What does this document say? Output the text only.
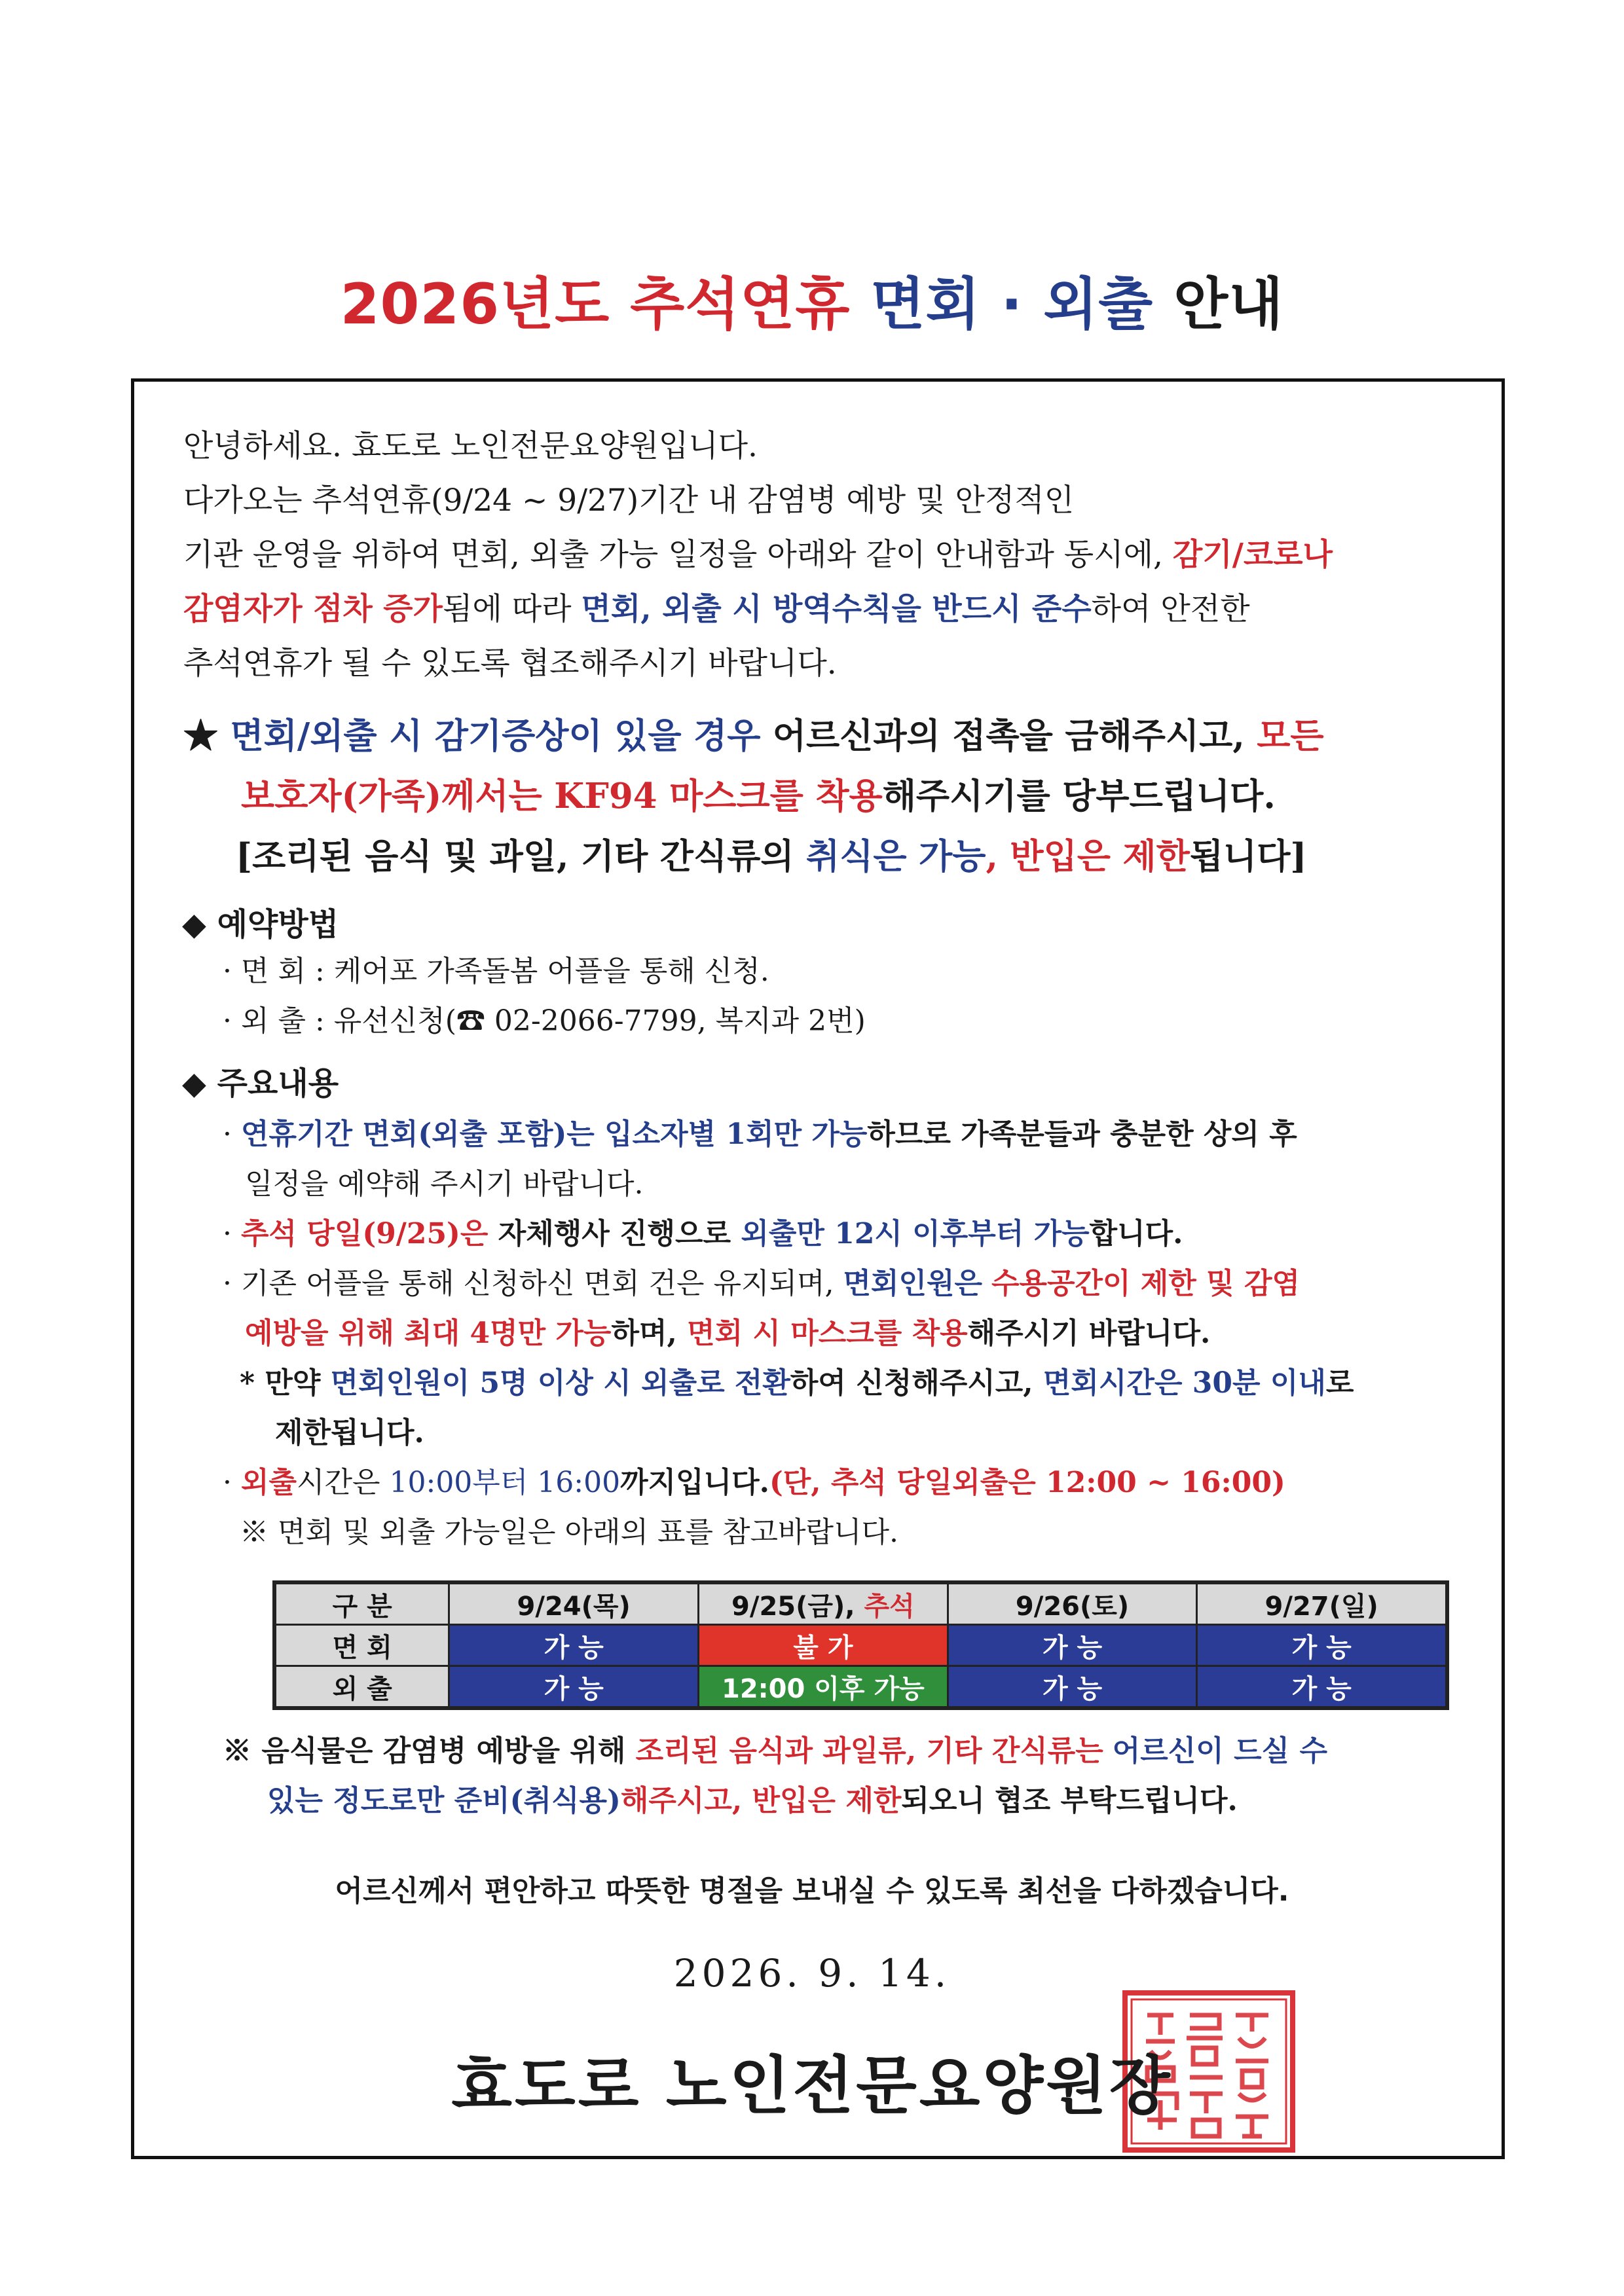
2026년도 추석연휴 면회 · 외출 안내

안녕하세요. 효도로 노인전문요양원입니다.

다가오는 추석연휴(9/24 ~ 9/27)기간 내 감염병 예방 및 안정적인

기관 운영을 위하여 면회, 외출 가능 일정을 아래와 같이 안내함과 동시에, 감기/코로나

감염자가 점차 증가됨에 따라 면회, 외출 시 방역수칙을 반드시 준수하여 안전한

추석연휴가 될 수 있도록 협조해주시기 바랍니다.

★ 면회/외출 시 감기증상이 있을 경우 어르신과의 접촉을 금해주시고, 모든

보호자(가족)께서는 KF94 마스크를 착용해주시기를 당부드립니다.

[조리된 음식 및 과일, 기타 간식류의 취식은 가능, 반입은 제한됩니다]

◆ 예약방법

· 면 회 : 케어포 가족돌봄 어플을 통해 신청.

· 외 출 : 유선신청(☎ 02-2066-7799, 복지과 2번)

◆ 주요내용

· 연휴기간 면회(외출 포함)는 입소자별 1회만 가능하므로 가족분들과 충분한 상의 후

일정을 예약해 주시기 바랍니다.

· 추석 당일(9/25)은 자체행사 진행으로 외출만 12시 이후부터 가능합니다.

· 기존 어플을 통해 신청하신 면회 건은 유지되며, 면회인원은 수용공간이 제한 및 감염

예방을 위해 최대 4명만 가능하며, 면회 시 마스크를 착용해주시기 바랍니다.

* 만약 면회인원이 5명 이상 시 외출로 전환하여 신청해주시고, 면회시간은 30분 이내로

제한됩니다.

· 외출시간은 10:00부터 16:00까지입니다.(단, 추석 당일외출은 12:00 ~ 16:00)

※ 면회 및 외출 가능일은 아래의 표를 참고바랍니다.

구 분	9/24(목)	9/25(금), 추석	9/26(토)	9/27(일)
면 회	가 능	불 가	가 능	가 능
외 출	가 능	12:00 이후 가능	가 능	가 능

※ 음식물은 감염병 예방을 위해 조리된 음식과 과일류, 기타 간식류는 어르신이 드실 수

있는 정도로만 준비(취식용)해주시고, 반입은 제한되오니 협조 부탁드립니다.

어르신께서 편안하고 따뜻한 명절을 보내실 수 있도록 최선을 다하겠습니다.
2026. 9. 14.
효도로 노인전문요양원장
